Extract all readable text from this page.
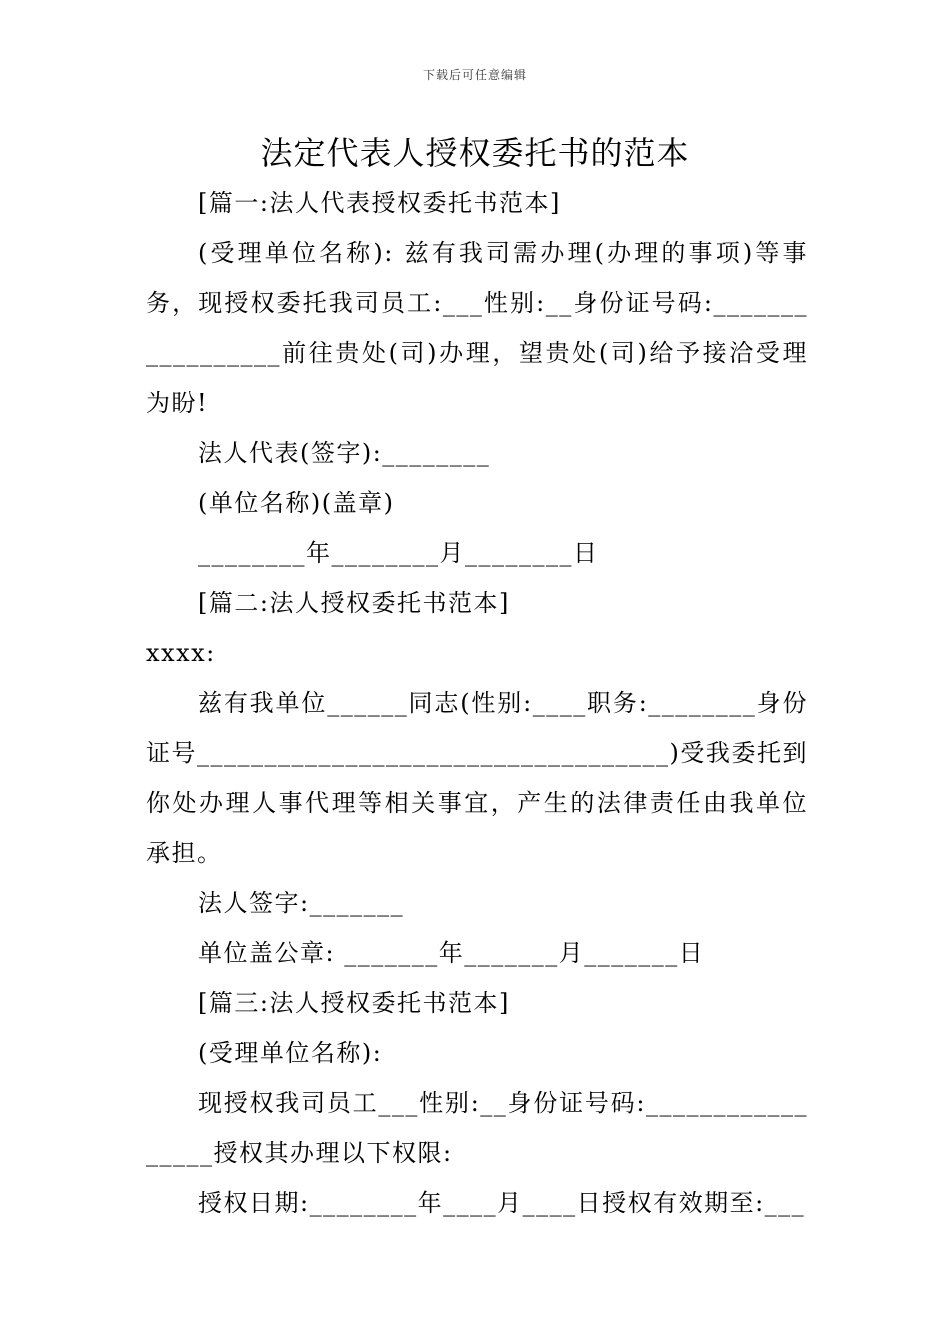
下载后可任意编辑
法定代表人授权委托书的范本

[篇一:法人代表授权委托书范本]

(受理单位名称): 兹有我司需办理(办理的事项)等事务，现授权委托我司员工:___性别:__身份证号码:_________________前往贵处(司)办理，望贵处(司)给予接洽受理为盼!

法人代表(签字):________

(单位名称)(盖章)

________年________月________日

[篇二:法人授权委托书范本]

xxxx:

兹有我单位______同志(性别:____职务:________身份证号___________________________________)受我委托到你处办理人事代理等相关事宜，产生的法律责任由我单位承担。

法人签字:_______

单位盖公章: _______年_______月_______日

[篇三:法人授权委托书范本]

(受理单位名称):

现授权我司员工___性别:__身份证号码:_________________授权其办理以下权限:

授权日期:________年____月____日授权有效期至:___
